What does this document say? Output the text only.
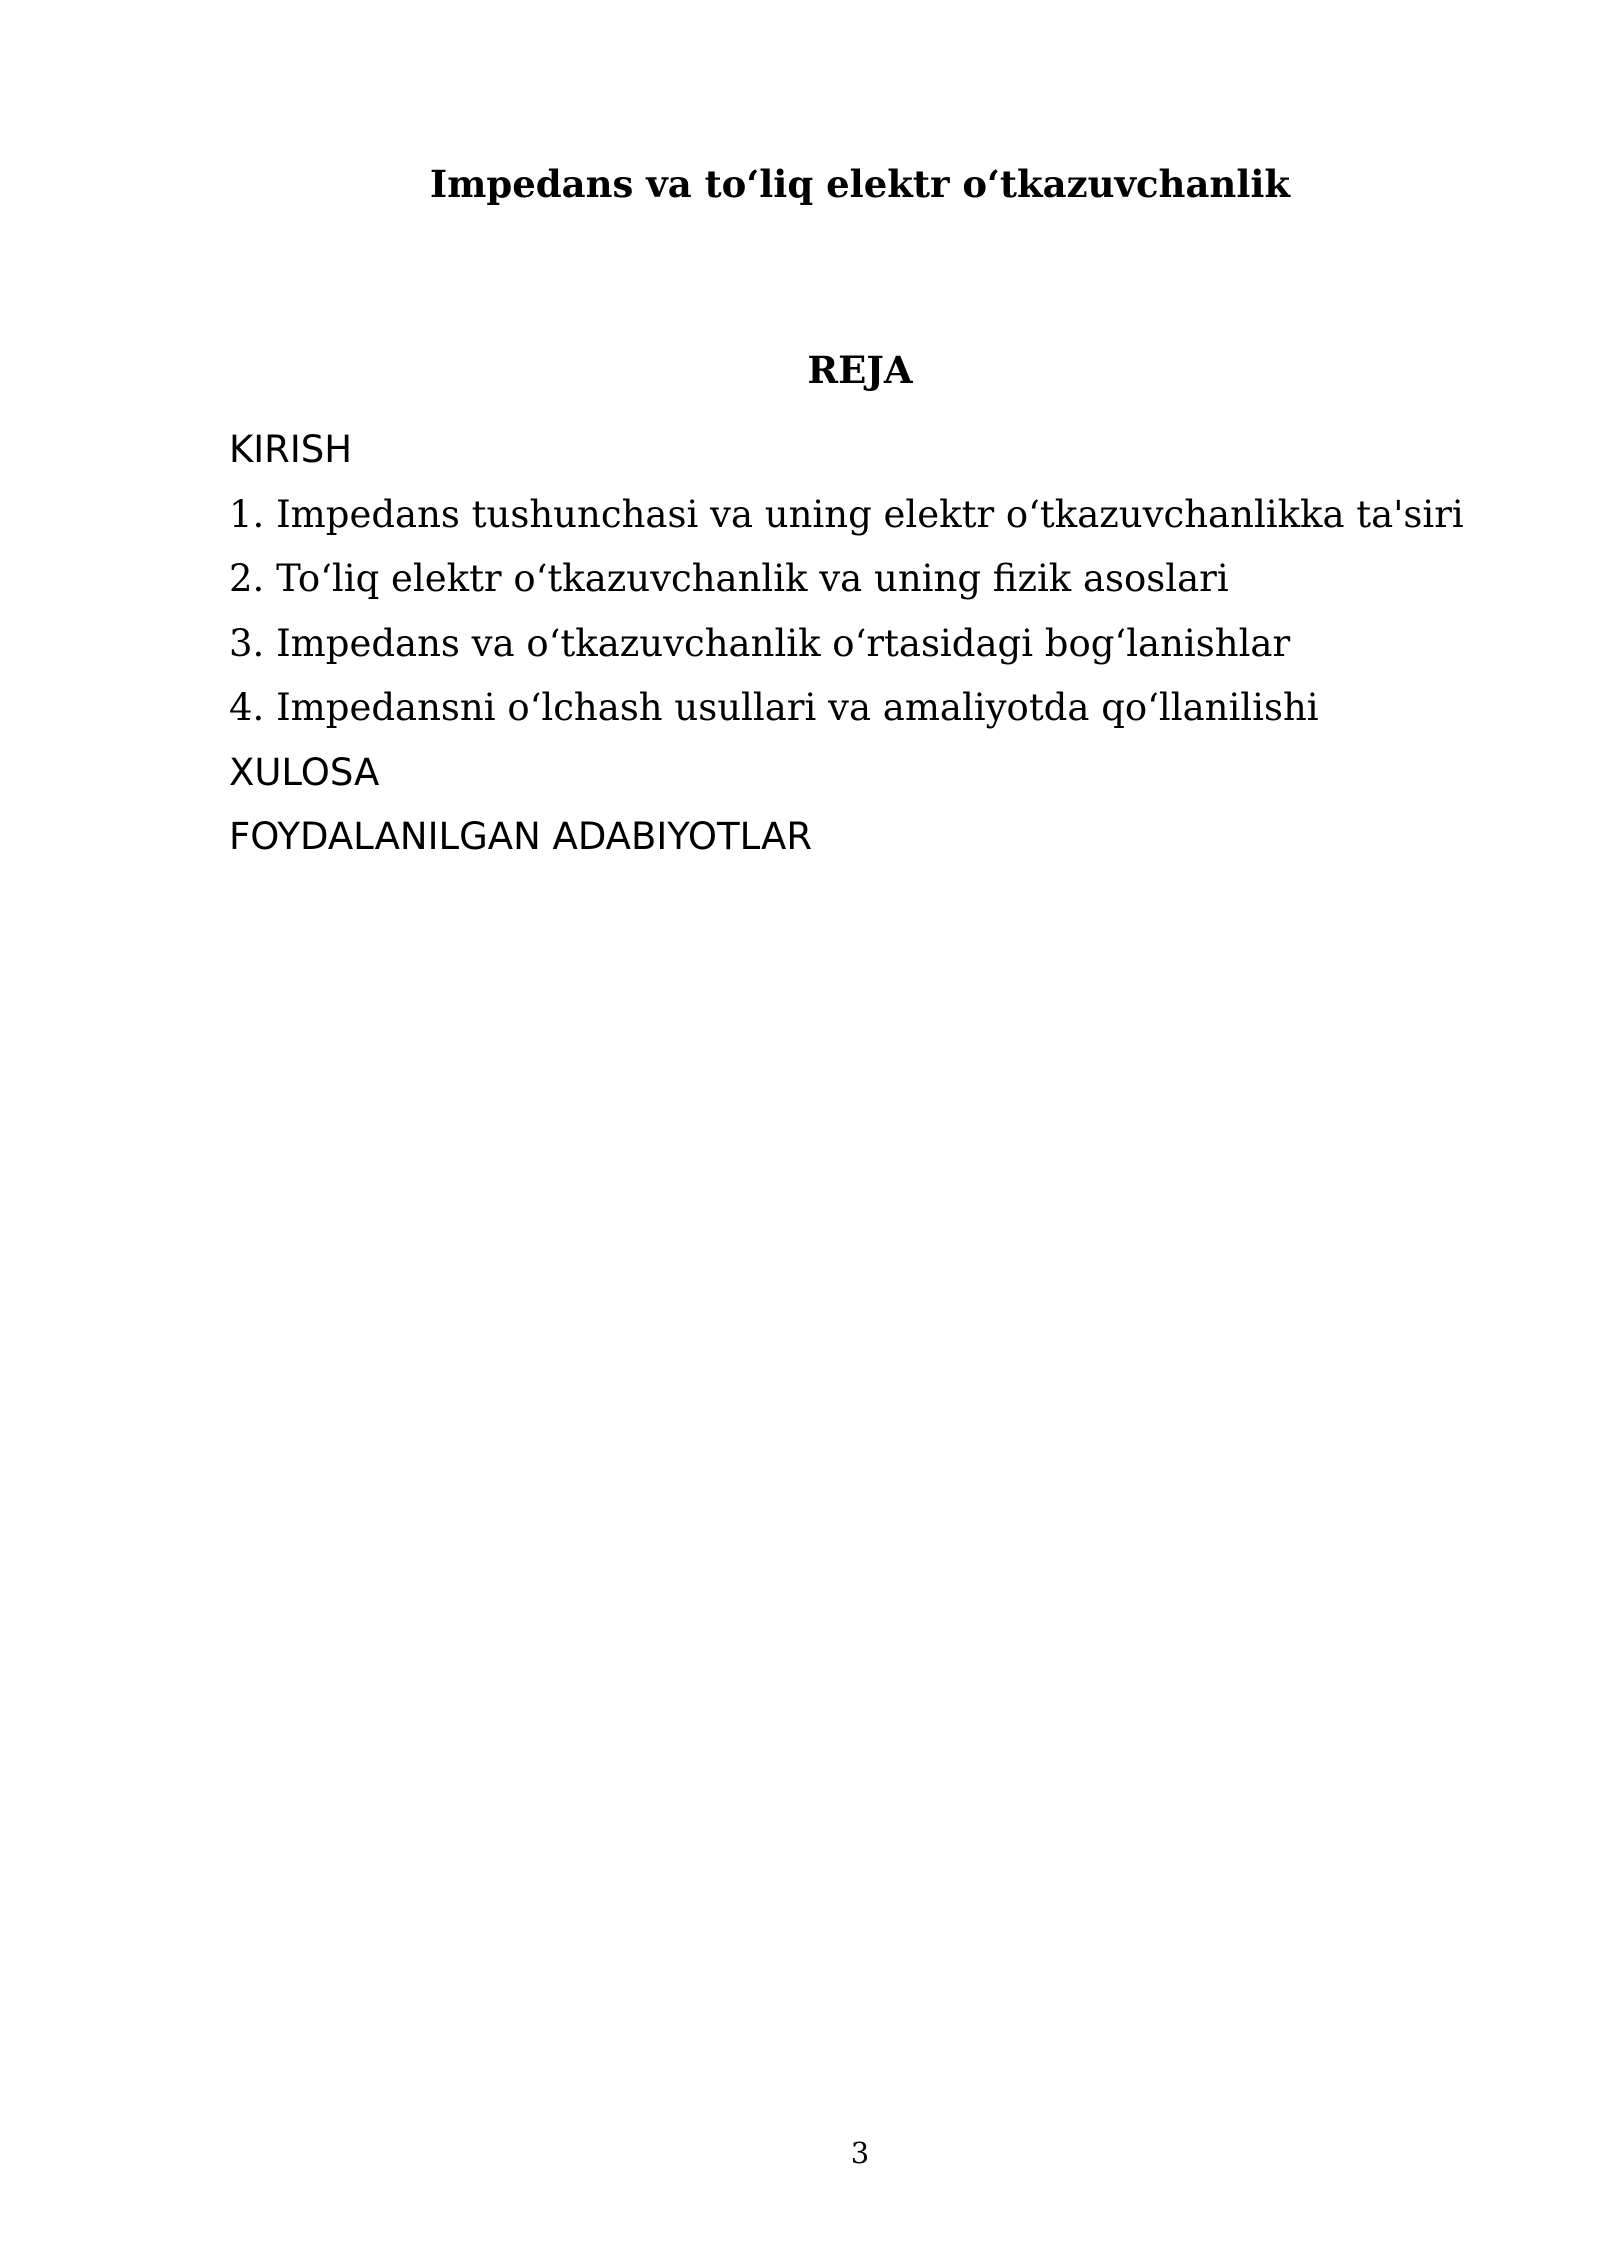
Impedans va to‘liq elektr o‘tkazuvchanlik
REJA
KIRISH
1. Impedans tushunchasi va uning elektr o‘tkazuvchanlikka ta'siri
2. To‘liq elektr o‘tkazuvchanlik va uning fizik asoslari
3. Impedans va o‘tkazuvchanlik o‘rtasidagi bog‘lanishlar
4. Impedansni o‘lchash usullari va amaliyotda qo‘llanilishi
XULOSA
FOYDALANILGAN ADABIYOTLAR
3
